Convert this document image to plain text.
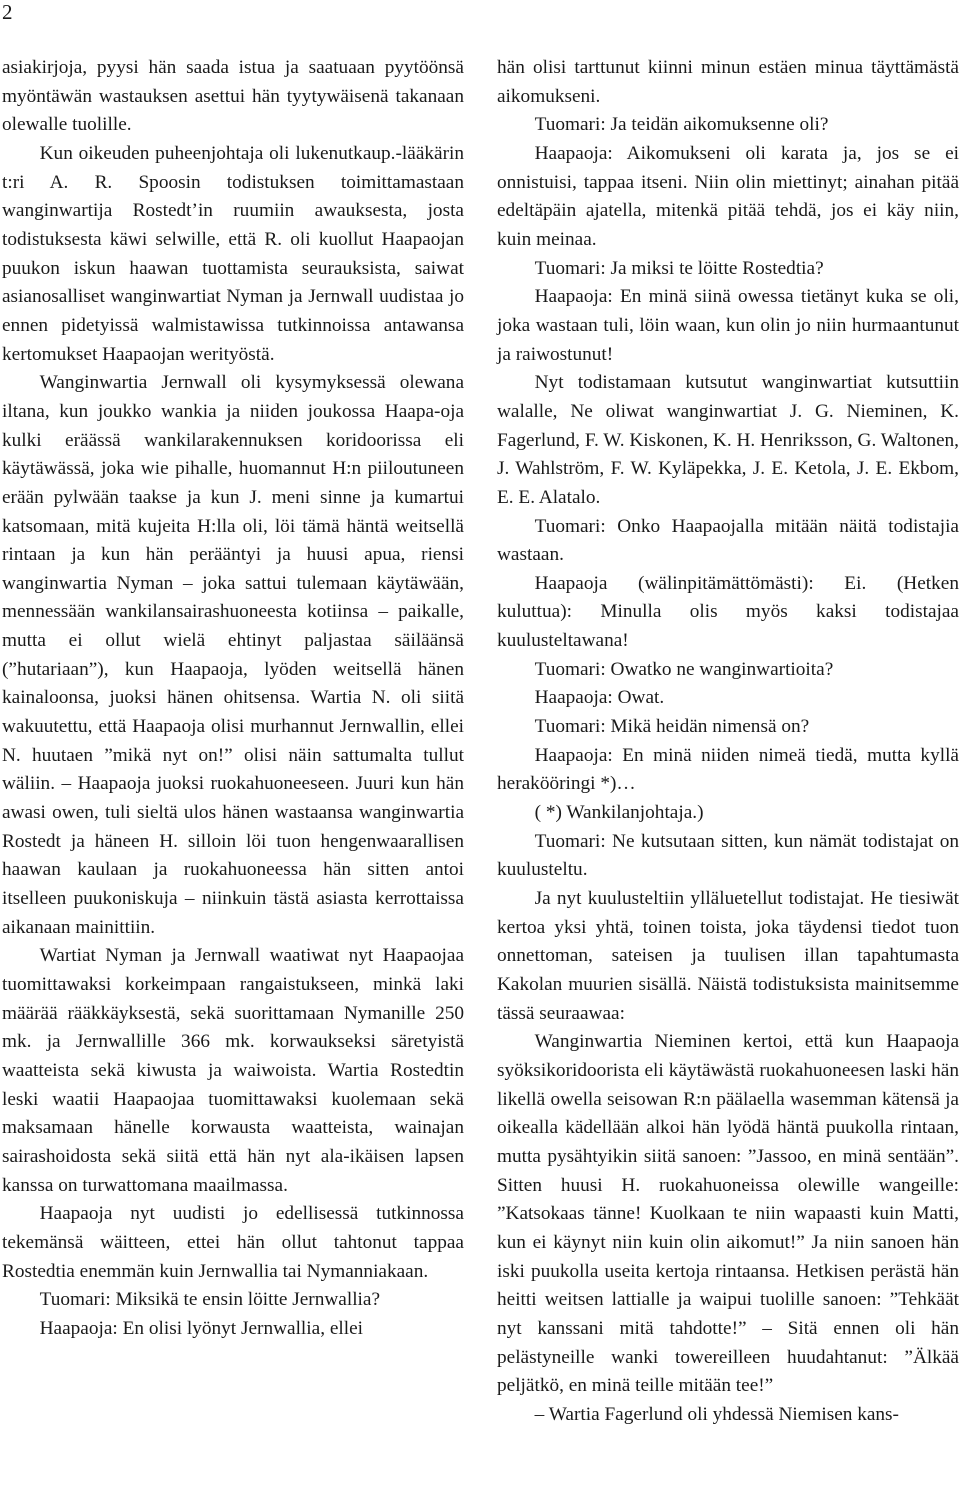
2

asiakirjoja, pyysi hän saada istua ja saatuaan pyytöönsä myöntäwän wastauksen asettui hän tyytywäisenä takanaan olewalle tuolille.

Kun oikeuden puheenjohtaja oli lukenutkaup.-lääkärin t:ri A. R. Spoosin todistuksen toimittamastaan wanginwartija Rostedt’in ruumiin awauksesta, josta todistuksesta käwi selwille, että R. oli kuollut Haapaojan puukon iskun haawan tuottamista seurauksista, saiwat asianosalliset wanginwartiat Nyman ja Jernwall uudistaa jo ennen pidetyissä walmistawissa tutkinnoissa antawansa kertomukset Haapaojan werityöstä.

Wanginwartia Jernwall oli kysymyksessä olewana iltana, kun joukko wankia ja niiden joukossa Haapa-oja kulki eräässä wankilarakennuksen koridoorissa eli käytäwässä, joka wie pihalle, huomannut H:n piiloutuneen erään pylwään taakse ja kun J. meni sinne ja kumartui katsomaan, mitä kujeita H:lla oli, löi tämä häntä weitsellä rintaan ja kun hän perääntyi ja huusi apua, riensi wanginwartia Nyman – joka sattui tulemaan käytäwään, mennessään wankilansairashuoneesta kotiinsa – paikalle, mutta ei ollut wielä ehtinyt paljastaa säiläänsä (”hutariaan”), kun Haapaoja, lyöden weitsellä hänen kainaloonsa, juoksi hänen ohitsensa. Wartia N. oli siitä wakuutettu, että Haapaoja olisi murhannut Jernwallin, ellei N. huutaen ”mikä nyt on!” olisi näin sattumalta tullut wäliin. – Haapaoja juoksi ruokahuoneeseen. Juuri kun hän awasi owen, tuli sieltä ulos hänen wastaansa wanginwartia Rostedt ja häneen H. silloin löi tuon hengenwaarallisen haawan kaulaan ja ruokahuoneessa hän sitten antoi itselleen puukoniskuja – niinkuin tästä asiasta kerrottaissa aikanaan mainittiin.

Wartiat Nyman ja Jernwall waatiwat nyt Haapaojaa tuomittawaksi korkeimpaan rangaistukseen, minkä laki määrää rääkkäyksestä, sekä suorittamaan Nymanille 250 mk. ja Jernwallille 366 mk. korwaukseksi säretyistä waatteista sekä kiwusta ja waiwoista. Wartia Rostedtin leski waatii Haapaojaa tuomittawaksi kuolemaan sekä maksamaan hänelle korwausta waatteista, wainajan sairashoidosta sekä siitä että hän nyt ala-ikäisen lapsen kanssa on turwattomana maailmassa.

Haapaoja nyt uudisti jo edellisessä tutkinnossa tekemänsä wäitteen, ettei hän ollut tahtonut tappaa Rostedtia enemmän kuin Jernwallia tai Nymanniakaan.

Tuomari: Miksikä te ensin löitte Jernwallia?

Haapaoja: En olisi lyönyt Jernwallia, ellei

hän olisi tarttunut kiinni minun estäen minua täyttämästä aikomukseni.

Tuomari: Ja teidän aikomuksenne oli?

Haapaoja: Aikomukseni oli karata ja, jos se ei onnistuisi, tappaa itseni. Niin olin miettinyt; ainahan pitää edeltäpäin ajatella, mitenkä pitää tehdä, jos ei käy niin, kuin meinaa.

Tuomari: Ja miksi te löitte Rostedtia?

Haapaoja: En minä siinä owessa tietänyt kuka se oli, joka wastaan tuli, löin waan, kun olin jo niin hurmaantunut ja raiwostunut!

Nyt todistamaan kutsutut wanginwartiat kutsuttiin walalle, Ne oliwat wanginwartiat J. G. Nieminen, K. Fagerlund, F. W. Kiskonen, K. H. Henriksson, G. Waltonen, J. Wahlström, F. W. Kyläpekka, J. E. Ketola, J. E. Ekbom, E. E. Alatalo.

Tuomari: Onko Haapaojalla mitään näitä todistajia wastaan.

Haapaoja (wälinpitämättömästi): Ei. (Hetken kuluttua): Minulla olis myös kaksi todistajaa kuulusteltawana!

Tuomari: Owatko ne wanginwartioita?

Haapaoja: Owat.

Tuomari: Mikä heidän nimensä on?

Haapaoja: En minä niiden nimeä tiedä, mutta kyllä herakööringi *)…

( *) Wankilanjohtaja.)

Tuomari: Ne kutsutaan sitten, kun nämät todistajat on kuulusteltu.

Ja nyt kuulusteltiin ylläluetellut todistajat. He tiesiwät kertoa yksi yhtä, toinen toista, joka täydensi tiedot tuon onnettoman, sateisen ja tuulisen illan tapahtumasta Kakolan muurien sisällä. Näistä todistuksista mainitsemme tässä seuraawaa:

Wanginwartia Nieminen kertoi, että kun Haapaoja syöksikoridoorista eli käytäwästä ruokahuoneesen laski hän likellä owella seisowan R:n päälaella wasemman kätensä ja oikealla kädellään alkoi hän lyödä häntä puukolla rintaan, mutta pysähtyikin siitä sanoen: ”Jassoo, en minä sentään”. Sitten huusi H. ruokahuoneissa olewille wangeille: ”Katsokaas tänne! Kuolkaan te niin wapaasti kuin Matti, kun ei käynyt niin kuin olin aikomut!” Ja niin sanoen hän iski puukolla useita kertoja rintaansa. Hetkisen perästä hän heitti weitsen lattialle ja waipui tuolille sanoen: ”Tehkäät nyt kanssani mitä tahdotte!” – Sitä ennen oli hän pelästyneille wanki towereilleen huudahtanut: ”Älkää peljätkö, en minä teille mitään tee!”

– Wartia Fagerlund oli yhdessä Niemisen kans-
